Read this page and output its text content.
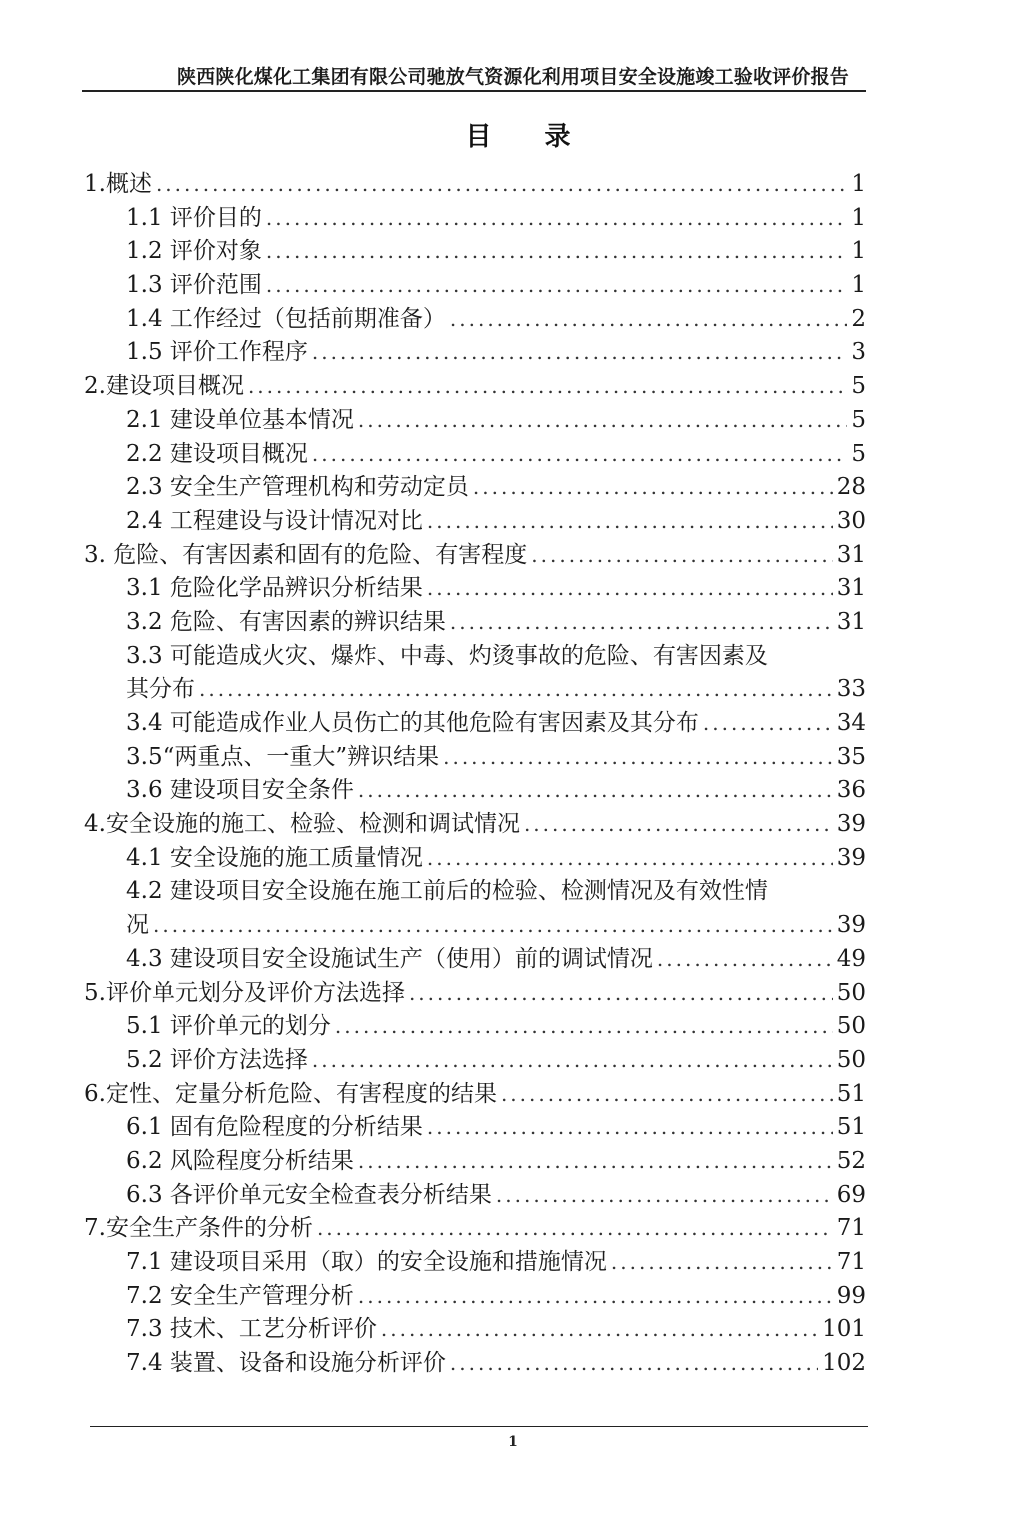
陕西陕化煤化工集团有限公司驰放气资源化利用项目安全设施竣工验收评价报告
目 录
1.概述 .....	1
1.1 评价目的 .....	1
1.2 评价对象 .....	1
1.3 评价范围 .....	1
1.4 工作经过（包括前期准备） .....	2
1.5 评价工作程序 .....	3
2.建设项目概况 .....	5
2.1 建设单位基本情况 .....	5
2.2 建设项目概况 .....	5
2.3 安全生产管理机构和劳动定员 .....	28
2.4 工程建设与设计情况对比 .....	30
3. 危险、有害因素和固有的危险、有害程度 .....	31
3.1 危险化学品辨识分析结果 .....	31
3.2 危险、有害因素的辨识结果 .....	31
3.3 可能造成火灾、爆炸、中毒、灼烫事故的危险、有害因素及
其分布 .....	33
3.4 可能造成作业人员伤亡的其他危险有害因素及其分布 .....	34
3.5“两重点、一重大”辨识结果 .....	35
3.6 建设项目安全条件 .....	36
4.安全设施的施工、检验、检测和调试情况 .....	39
4.1 安全设施的施工质量情况 .....	39
4.2 建设项目安全设施在施工前后的检验、检测情况及有效性情
况 .....	39
4.3 建设项目安全设施试生产（使用）前的调试情况 .....	49
5.评价单元划分及评价方法选择 .....	50
5.1 评价单元的划分 .....	50
5.2 评价方法选择 .....	50
6.定性、定量分析危险、有害程度的结果 .....	51
6.1 固有危险程度的分析结果 .....	51
6.2 风险程度分析结果 .....	52
6.3 各评价单元安全检查表分析结果 .....	69
7.安全生产条件的分析 .....	71
7.1 建设项目采用（取）的安全设施和措施情况 .....	71
7.2 安全生产管理分析 .....	99
7.3 技术、工艺分析评价 .....	101
7.4 装置、设备和设施分析评价 .....	102
1
